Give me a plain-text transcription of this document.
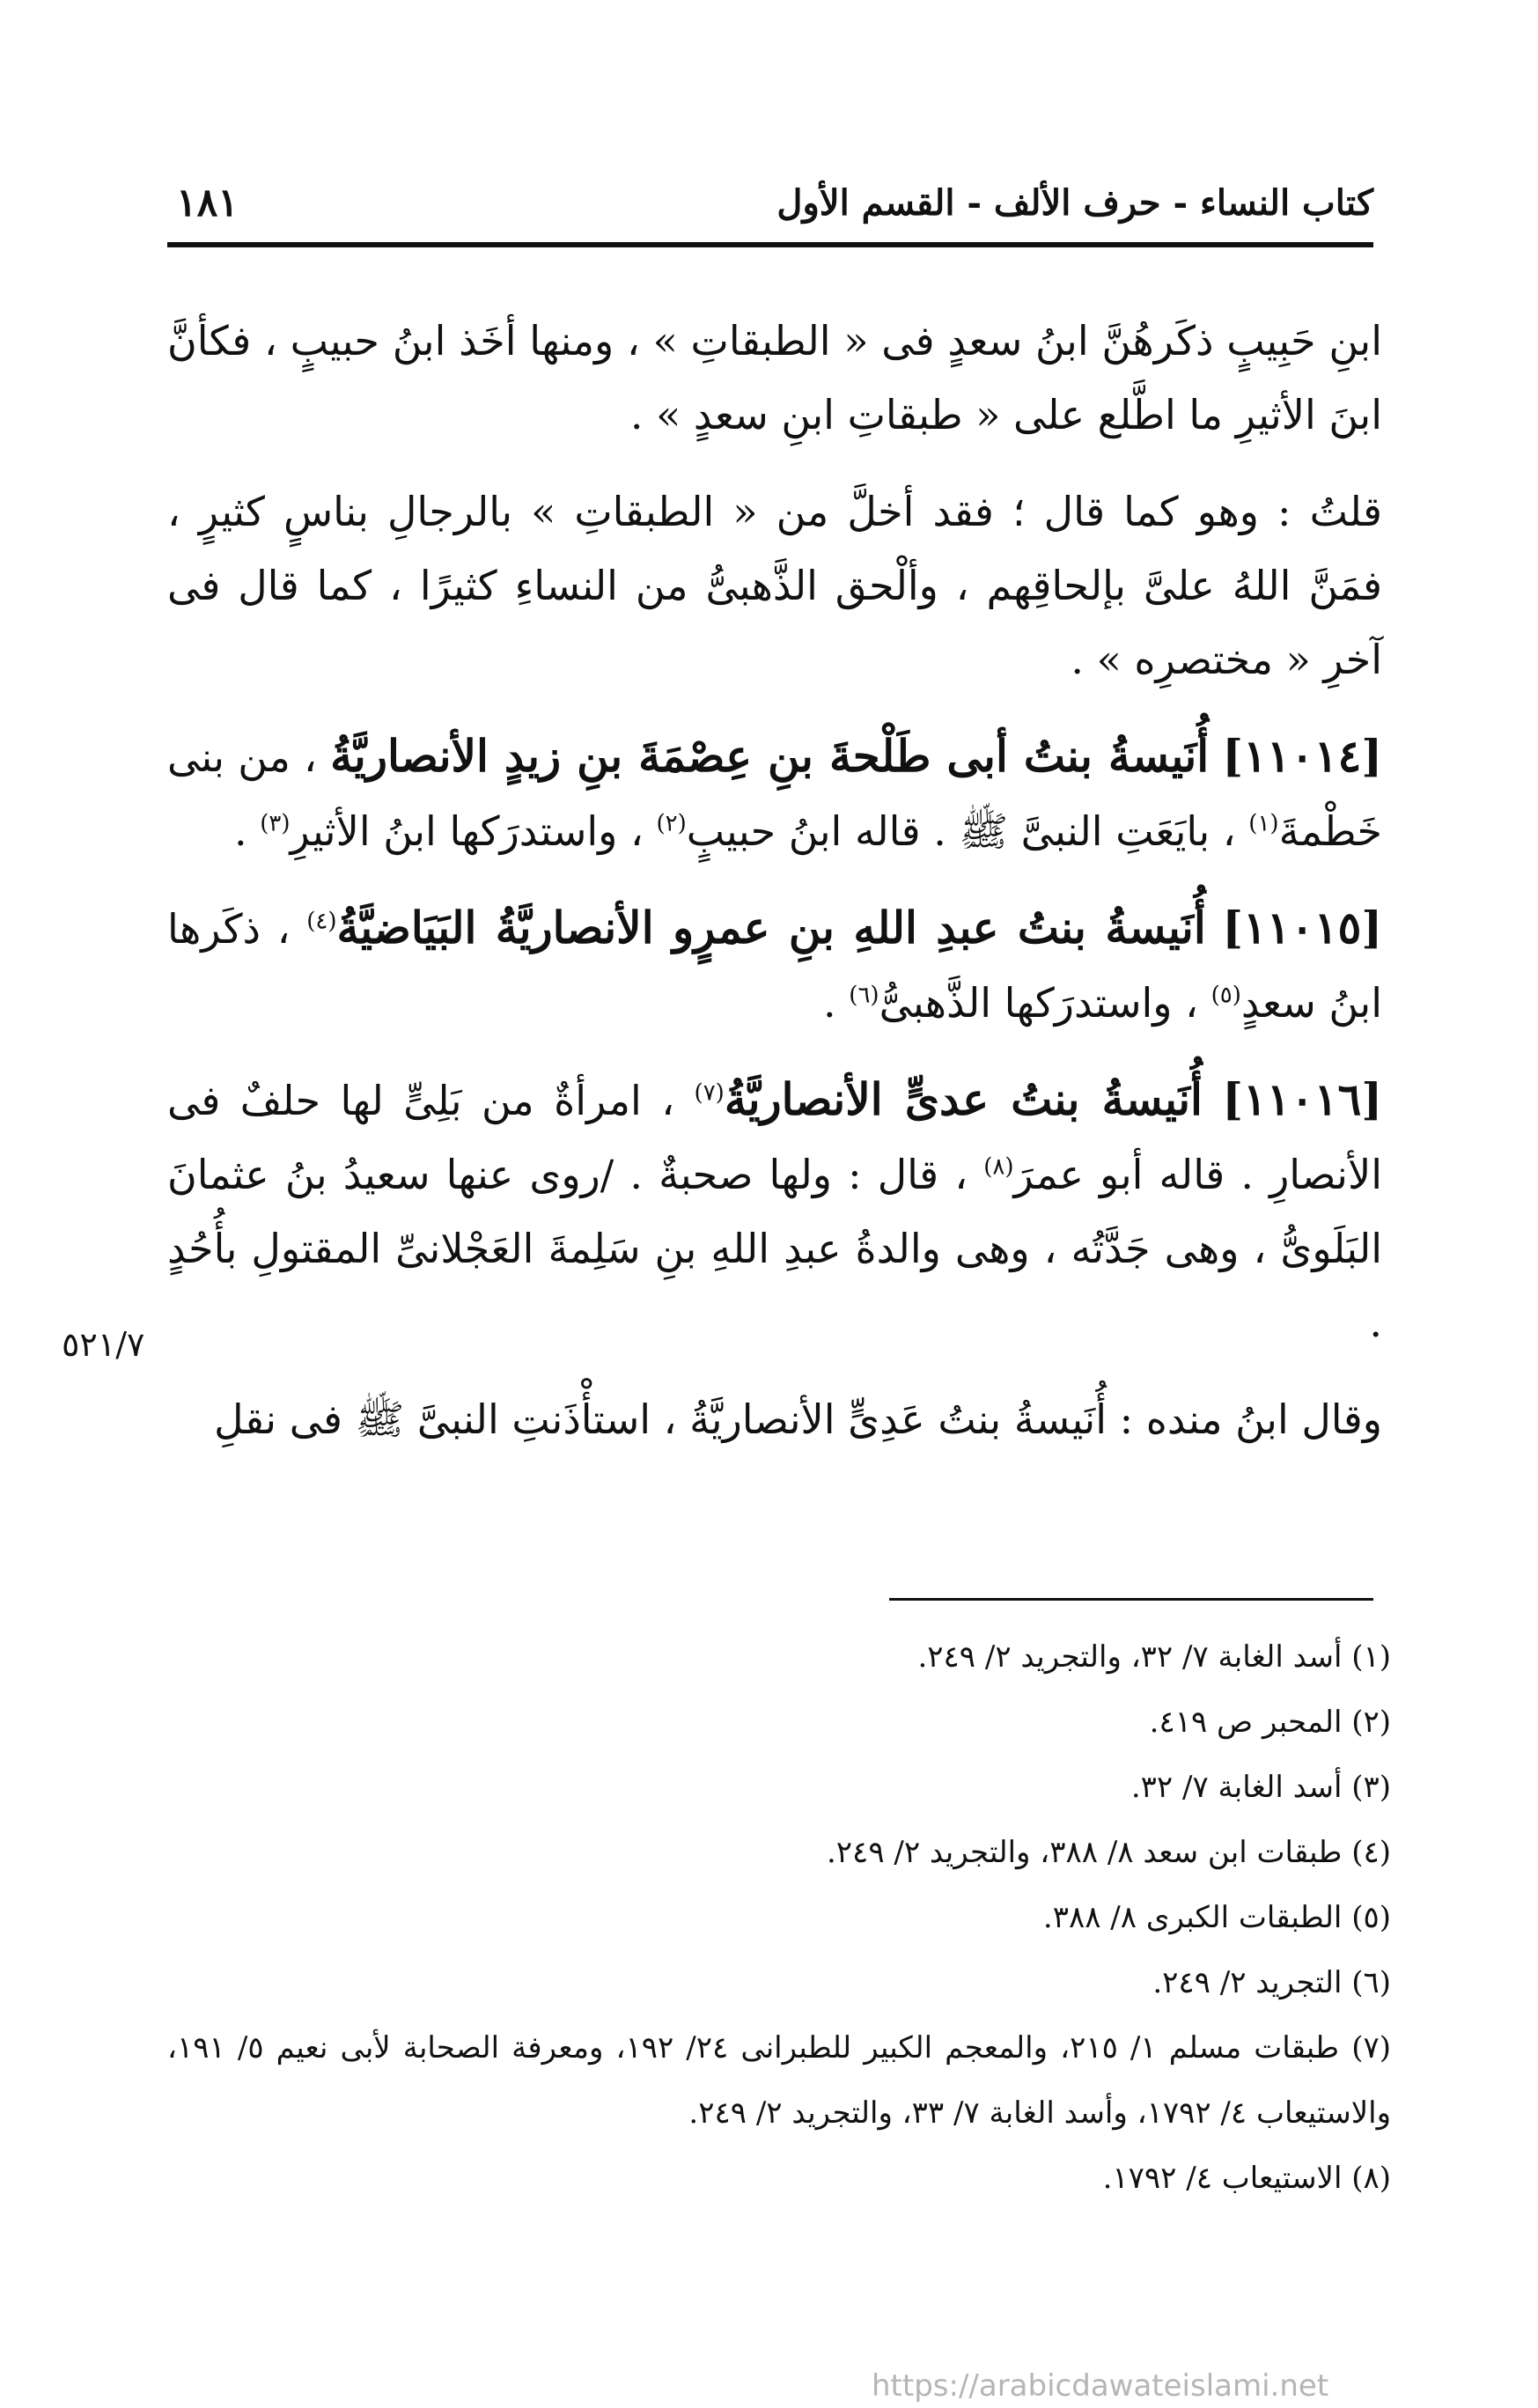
كتاب النساء - حرف الألف - القسم الأول
١٨١

ابنِ حَبِيبٍ ذكَرهُنَّ ابنُ سعدٍ فى « الطبقاتِ » ، ومنها أخَذ ابنُ حبيبٍ ، فكأنَّ ابنَ الأثيرِ ما اطَّلع على « طبقاتِ ابنِ سعدٍ » .

قلتُ : وهو كما قال ؛ فقد أخلَّ من « الطبقاتِ » بالرجالِ بناسٍ كثيرٍ ، فمَنَّ اللهُ علىَّ بإلحاقِهم ، وألْحق الذَّهبىُّ من النساءِ كثيرًا ، كما قال فى آخرِ « مختصرِه » .

[١١٠١٤] أُنَيسةُ بنتُ أبى طَلْحةَ بنِ عِصْمَةَ بنِ زيدٍ الأنصاريَّةُ ، من بنى خَطْمةَ$^{(١)}$ ، بايَعَتِ النبىَّ ﷺ . قاله ابنُ حبيبٍ$^{(٢)}$ ، واستدرَكها ابنُ الأثيرِ$^{(٣)}$ .

[١١٠١٥] أُنَيسةُ بنتُ عبدِ اللهِ بنِ عمرٍو الأنصاريَّةُ البَيَاضيَّةُ$^{(٤)}$ ، ذكَرها ابنُ سعدٍ$^{(٥)}$ ، واستدرَكها الذَّهبىُّ$^{(٦)}$ .

[١١٠١٦] أُنَيسةُ بنتُ عدىٍّ الأنصاريَّةُ$^{(٧)}$ ، امرأةٌ من بَلِىٍّ لها حلفٌ فى الأنصارِ . قاله أبو عمرَ$^{(٨)}$ ، قال : ولها صحبةٌ . /روى عنها سعيدُ بنُ عثمانَ البَلَوىُّ ، وهى جَدَّتُه ، وهى والدةُ عبدِ اللهِ بنِ سَلِمةَ العَجْلانىِّ المقتولِ بأُحُدٍ .

وقال ابنُ منده : أُنَيسةُ بنتُ عَدِىٍّ الأنصاريَّةُ ، استأْذَنتِ النبىَّ ﷺ فى نقلِ

٥٢١/٧

(١) أسد الغابة ٧/ ٣٢، والتجريد ٢/ ٢٤٩.

(٢) المحبر ص ٤١٩.

(٣) أسد الغابة ٧/ ٣٢.

(٤) طبقات ابن سعد ٨/ ٣٨٨، والتجريد ٢/ ٢٤٩.

(٥) الطبقات الكبرى ٨/ ٣٨٨.

(٦) التجريد ٢/ ٢٤٩.

(٧) طبقات مسلم ١/ ٢١٥، والمعجم الكبير للطبرانى ٢٤/ ١٩٢، ومعرفة الصحابة لأبى نعيم ٥/ ١٩١، والاستيعاب ٤/ ١٧٩٢، وأسد الغابة ٧/ ٣٣، والتجريد ٢/ ٢٤٩.

(٨) الاستيعاب ٤/ ١٧٩٢.

https://arabicdawateislami.net
